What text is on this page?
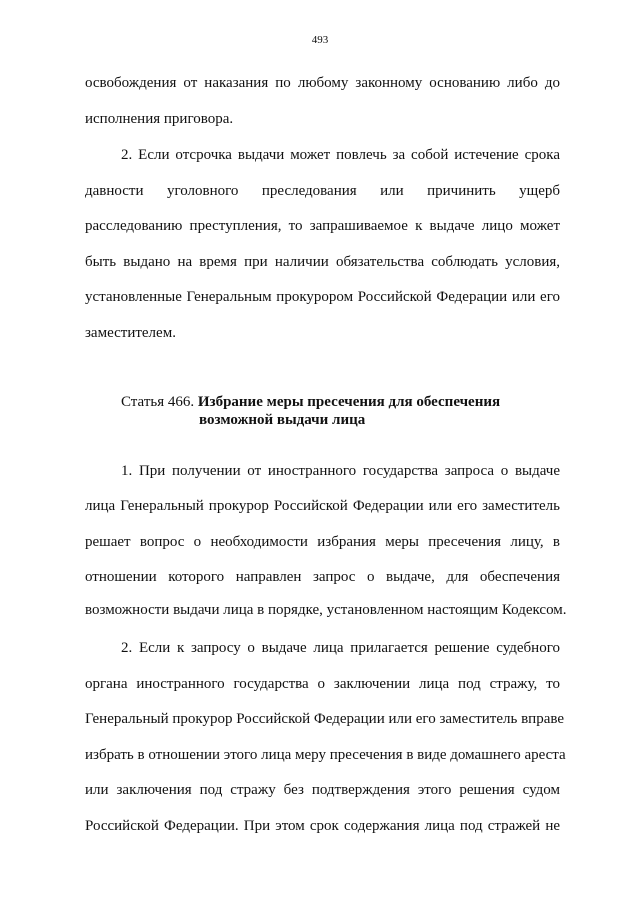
493
освобождения от наказания по любому законному основанию либо до
исполнения приговора.
2. Если отсрочка выдачи может повлечь за собой истечение срока
давности уголовного преследования или причинить ущерб
расследованию преступления, то запрашиваемое к выдаче лицо может
быть выдано на время при наличии обязательства соблюдать условия,
установленные Генеральным прокурором Российской Федерации или его
заместителем.
Статья 466. Избрание меры пресечения для обеспечения
возможной выдачи лица
1. При получении от иностранного государства запроса о выдаче
лица Генеральный прокурор Российской Федерации или его заместитель
решает вопрос о необходимости избрания меры пресечения лицу, в
отношении которого направлен запрос о выдаче, для обеспечения
возможности выдачи лица в порядке, установленном настоящим Кодексом.
2. Если к запросу о выдаче лица прилагается решение судебного
органа иностранного государства о заключении лица под стражу, то
Генеральный прокурор Российской Федерации или его заместитель вправе
избрать в отношении этого лица меру пресечения в виде домашнего ареста
или заключения под стражу без подтверждения этого решения судом
Российской Федерации. При этом срок содержания лица под стражей не
